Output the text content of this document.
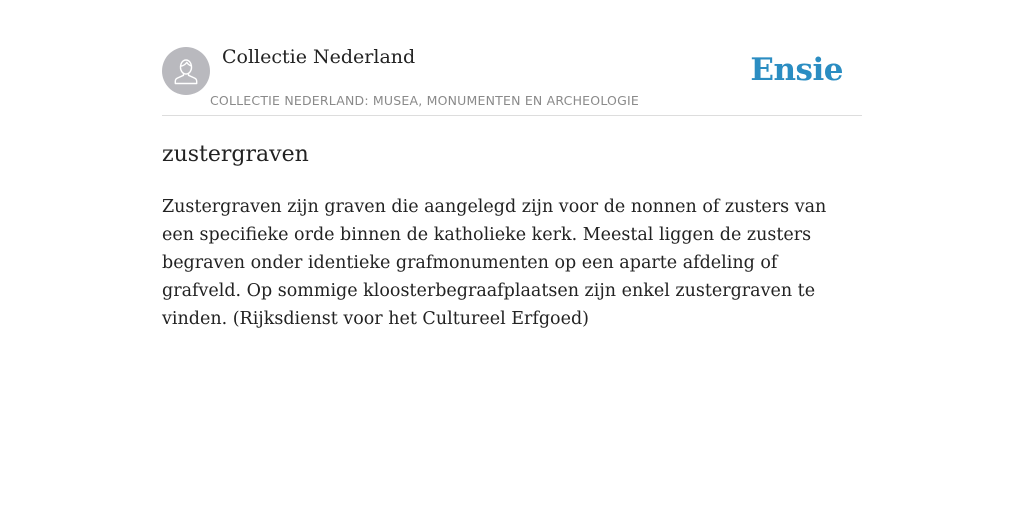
Collectie Nederland
COLLECTIE NEDERLAND: MUSEA, MONUMENTEN EN ARCHEOLOGIE
Ensie
zustergraven

Zustergraven zijn graven die aangelegd zijn voor de nonnen of zusters van een specifieke orde binnen de katholieke kerk. Meestal liggen de zusters begraven onder identieke grafmonumenten op een aparte afdeling of grafveld. Op sommige kloosterbegraafplaatsen zijn enkel zustergraven te vinden. (Rijksdienst voor het Cultureel Erfgoed)
